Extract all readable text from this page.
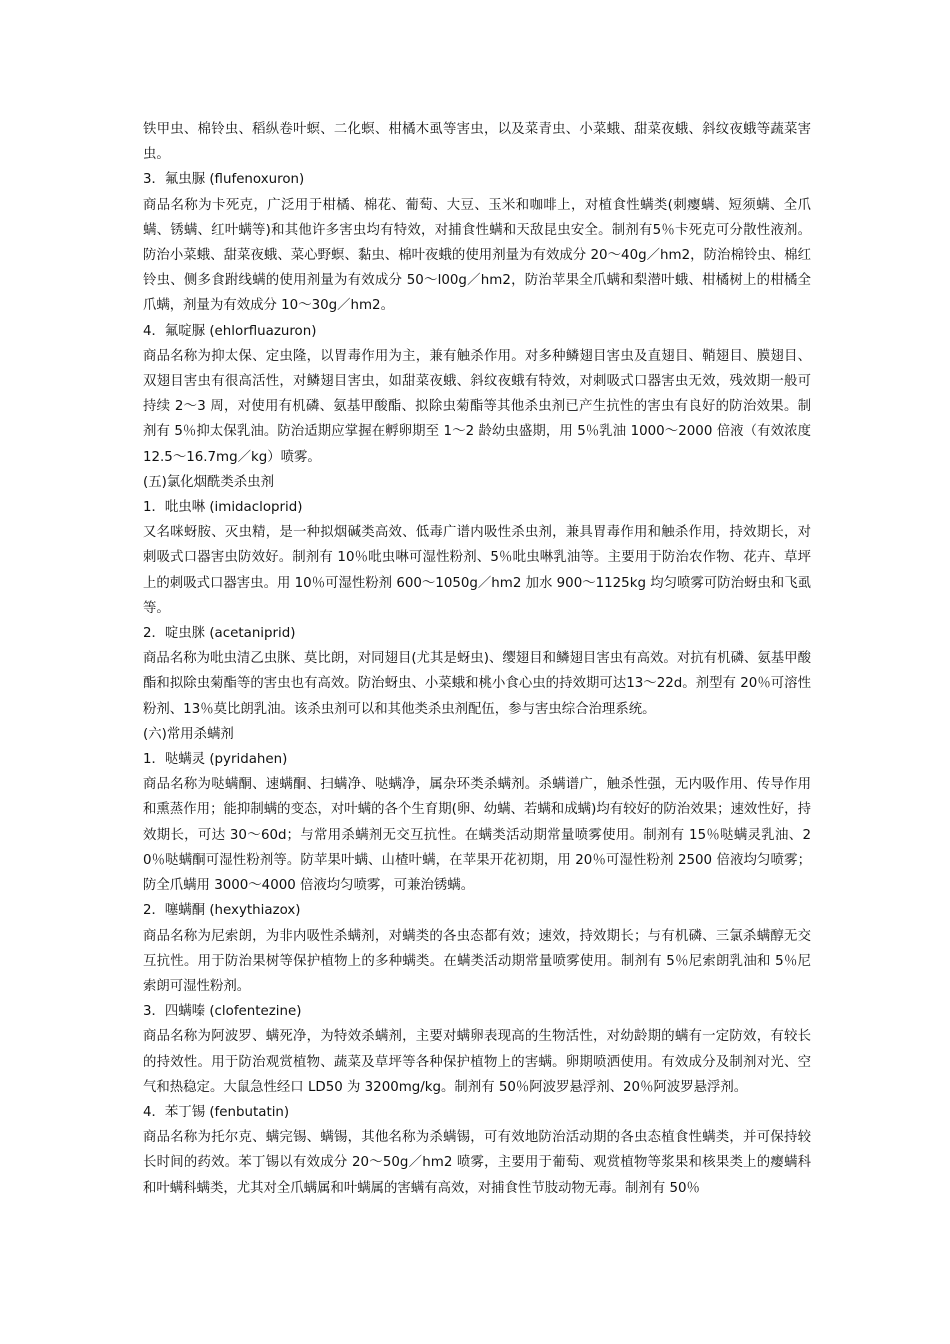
铁甲虫、棉铃虫、稻纵卷叶螟、二化螟、柑橘木虱等害虫，以及菜青虫、小菜蛾、甜菜夜蛾、斜纹夜蛾等蔬菜害虫。

3．氟虫脲 (flufenoxuron)

商品名称为卡死克，广泛用于柑橘、棉花、葡萄、大豆、玉米和咖啡上，对植食性螨类(刺瘿螨、短须螨、全爪螨、锈螨、红叶螨等)和其他许多害虫均有特效，对捕食性螨和天敌昆虫安全。制剂有5％卡死克可分散性液剂。防治小菜蛾、甜菜夜蛾、菜心野螟、黏虫、棉叶夜蛾的使用剂量为有效成分 20～40g／hm2，防治棉铃虫、棉红铃虫、侧多食跗线螨的使用剂量为有效成分 50～l00g／hm2，防治苹果全爪螨和梨潜叶蛾、柑橘树上的柑橘全爪螨，剂量为有效成分 10～30g／hm2。

4．氟啶脲 (ehlorfluazuron)

商品名称为抑太保、定虫隆，以胃毒作用为主，兼有触杀作用。对多种鳞翅目害虫及直翅目、鞘翅目、膜翅目、双翅目害虫有很高活性，对鳞翅目害虫，如甜菜夜蛾、斜纹夜蛾有特效，对刺吸式口器害虫无效，残效期一般可持续 2～3 周，对使用有机磷、氨基甲酸酯、拟除虫菊酯等其他杀虫剂已产生抗性的害虫有良好的防治效果。制剂有 5％抑太保乳油。防治适期应掌握在孵卵期至 1～2 龄幼虫盛期，用 5％乳油 1000～2000 倍液（有效浓度 12.5～16.7mg／kg）喷雾。

(五)氯化烟酰类杀虫剂

1．吡虫啉 (imidacloprid)

又名咪蚜胺、灭虫精，是一种拟烟碱类高效、低毒广谱内吸性杀虫剂，兼具胃毒作用和触杀作用，持效期长，对刺吸式口器害虫防效好。制剂有 10％吡虫啉可湿性粉剂、5％吡虫啉乳油等。主要用于防治农作物、花卉、草坪上的刺吸式口器害虫。用 10％可湿性粉剂 600～1050g／hm2 加水 900～1125kg 均匀喷雾可防治蚜虫和飞虱等。

2．啶虫脒 (acetaniprid)

商品名称为吡虫清乙虫脒、莫比朗，对同翅目(尤其是蚜虫)、缨翅目和鳞翅目害虫有高效。对抗有机磷、氨基甲酸酯和拟除虫菊酯等的害虫也有高效。防治蚜虫、小菜蛾和桃小食心虫的持效期可达13～22d。剂型有 20％可溶性粉剂、13％莫比朗乳油。该杀虫剂可以和其他类杀虫剂配伍，参与害虫综合治理系统。

(六)常用杀螨剂

1．哒螨灵 (pyridahen)

商品名称为哒螨酮、速螨酮、扫螨净、哒螨净，属杂环类杀螨剂。杀螨谱广，触杀性强，无内吸作用、传导作用和熏蒸作用；能抑制螨的变态，对叶螨的各个生育期(卵、幼螨、若螨和成螨)均有较好的防治效果；速效性好，持效期长，可达 30～60d；与常用杀螨剂无交互抗性。在螨类活动期常量喷雾使用。制剂有 15％哒螨灵乳油、20％哒螨酮可湿性粉剂等。防苹果叶螨、山楂叶螨，在苹果开花初期，用 20％可湿性粉剂 2500 倍液均匀喷雾；防全爪螨用 3000～4000 倍液均匀喷雾，可兼治锈螨。

2．噻螨酮 (hexythiazox)

商品名称为尼索朗，为非内吸性杀螨剂，对螨类的各虫态都有效；速效，持效期长；与有机磷、三氯杀螨醇无交互抗性。用于防治果树等保护植物上的多种螨类。在螨类活动期常量喷雾使用。制剂有 5％尼索朗乳油和 5％尼索朗可湿性粉剂。

3．四螨嗪 (clofentezine)

商品名称为阿波罗、螨死净，为特效杀螨剂，主要对螨卵表现高的生物活性，对幼龄期的螨有一定防效，有较长的持效性。用于防治观赏植物、蔬菜及草坪等各种保护植物上的害螨。卵期喷洒使用。有效成分及制剂对光、空气和热稳定。大鼠急性经口 LD50 为 3200mg/kg。制剂有 50％阿波罗悬浮剂、20％阿波罗悬浮剂。

4．苯丁锡 (fenbutatin)

商品名称为托尔克、螨完锡、螨锡，其他名称为杀螨锡，可有效地防治活动期的各虫态植食性螨类，并可保持较长时间的药效。苯丁锡以有效成分 20～50g／hm2 喷雾，主要用于葡萄、观赏植物等浆果和核果类上的瘿螨科和叶螨科螨类，尤其对全爪螨属和叶螨属的害螨有高效，对捕食性节肢动物无毒。制剂有 50％
